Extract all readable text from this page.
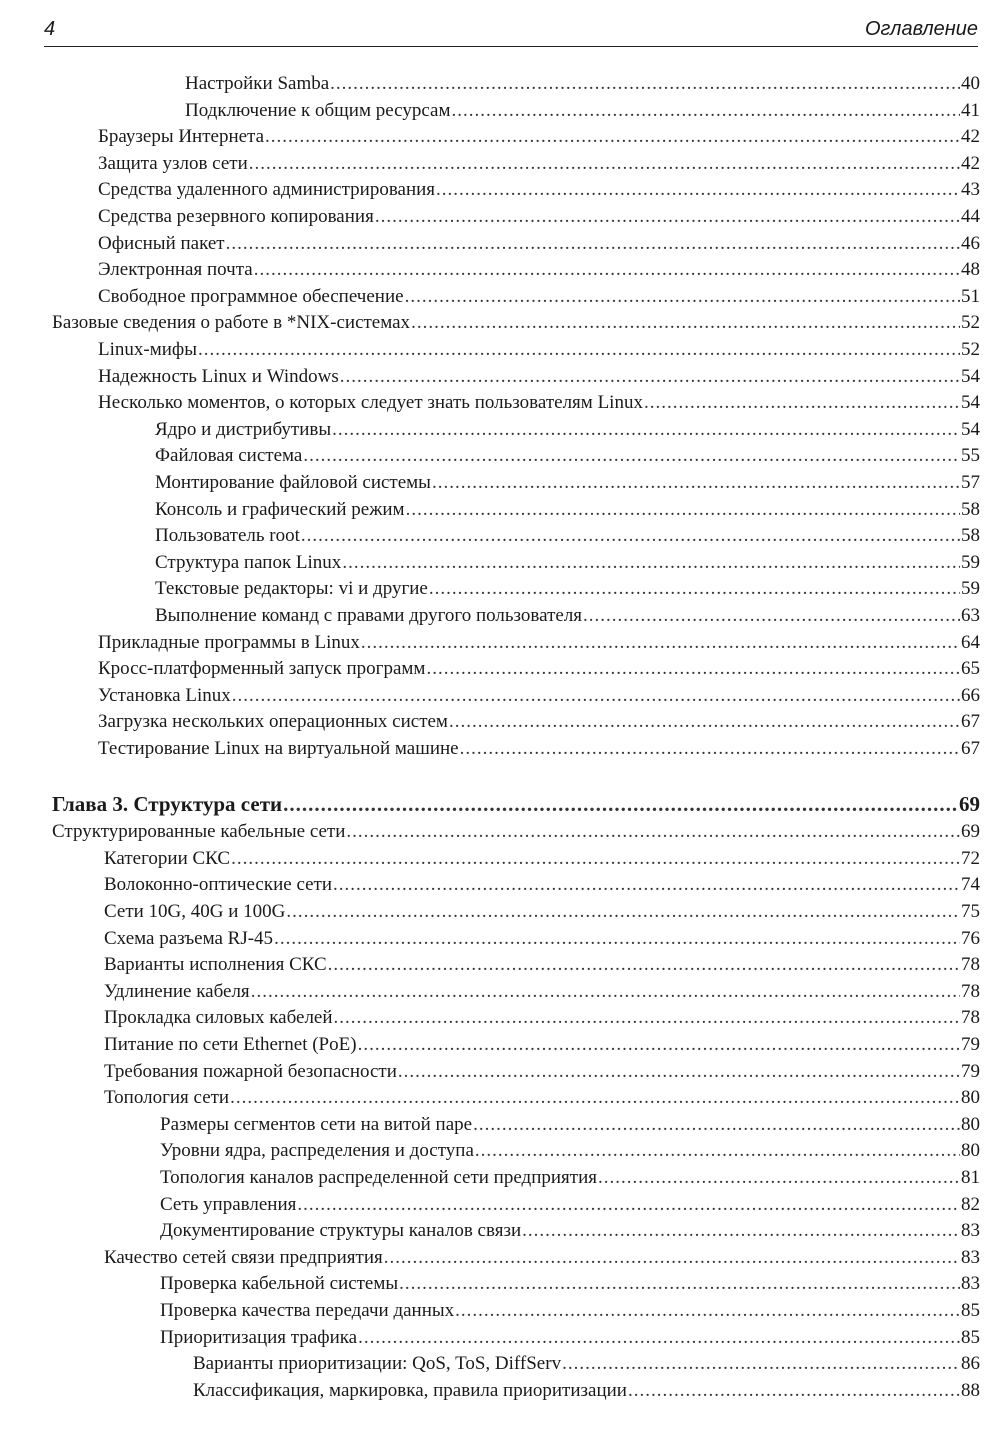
4	Оглавление
Настройки Samba .....	40
Подключение к общим ресурсам .....	41
Браузеры Интернета .....	42
Защита узлов сети .....	42
Средства удаленного администрирования .....	43
Средства резервного копирования .....	44
Офисный пакет .....	46
Электронная почта .....	48
Свободное программное обеспечение .....	51
Базовые сведения о работе в *NIX-системах .....	52
Linux-мифы .....	52
Надежность Linux и Windows .....	54
Несколько моментов, о которых следует знать пользователям Linux .....	54
Ядро и дистрибутивы .....	54
Файловая система .....	55
Монтирование файловой системы .....	57
Консоль и графический режим .....	58
Пользователь root .....	58
Структура папок Linux .....	59
Текстовые редакторы: vi и другие .....	59
Выполнение команд с правами другого пользователя .....	63
Прикладные программы в Linux .....	64
Кросс-платформенный запуск программ .....	65
Установка Linux .....	66
Загрузка нескольких операционных систем .....	67
Тестирование Linux на виртуальной машине .....	67
Глава 3. Структура сети .....	69
Структурированные кабельные сети .....	69
Категории СКС .....	72
Волоконно-оптические сети .....	74
Сети 10G, 40G и 100G .....	75
Схема разъема RJ-45 .....	76
Варианты исполнения СКС .....	78
Удлинение кабеля .....	78
Прокладка силовых кабелей .....	78
Питание по сети Ethernet (PoE) .....	79
Требования пожарной безопасности .....	79
Топология сети .....	80
Размеры сегментов сети на витой паре .....	80
Уровни ядра, распределения и доступа .....	80
Топология каналов распределенной сети предприятия .....	81
Сеть управления .....	82
Документирование структуры каналов связи .....	83
Качество сетей связи предприятия .....	83
Проверка кабельной системы .....	83
Проверка качества передачи данных .....	85
Приоритизация трафика .....	85
Варианты приоритизации: QoS, ToS, DiffServ .....	86
Классификация, маркировка, правила приоритизации .....	88
